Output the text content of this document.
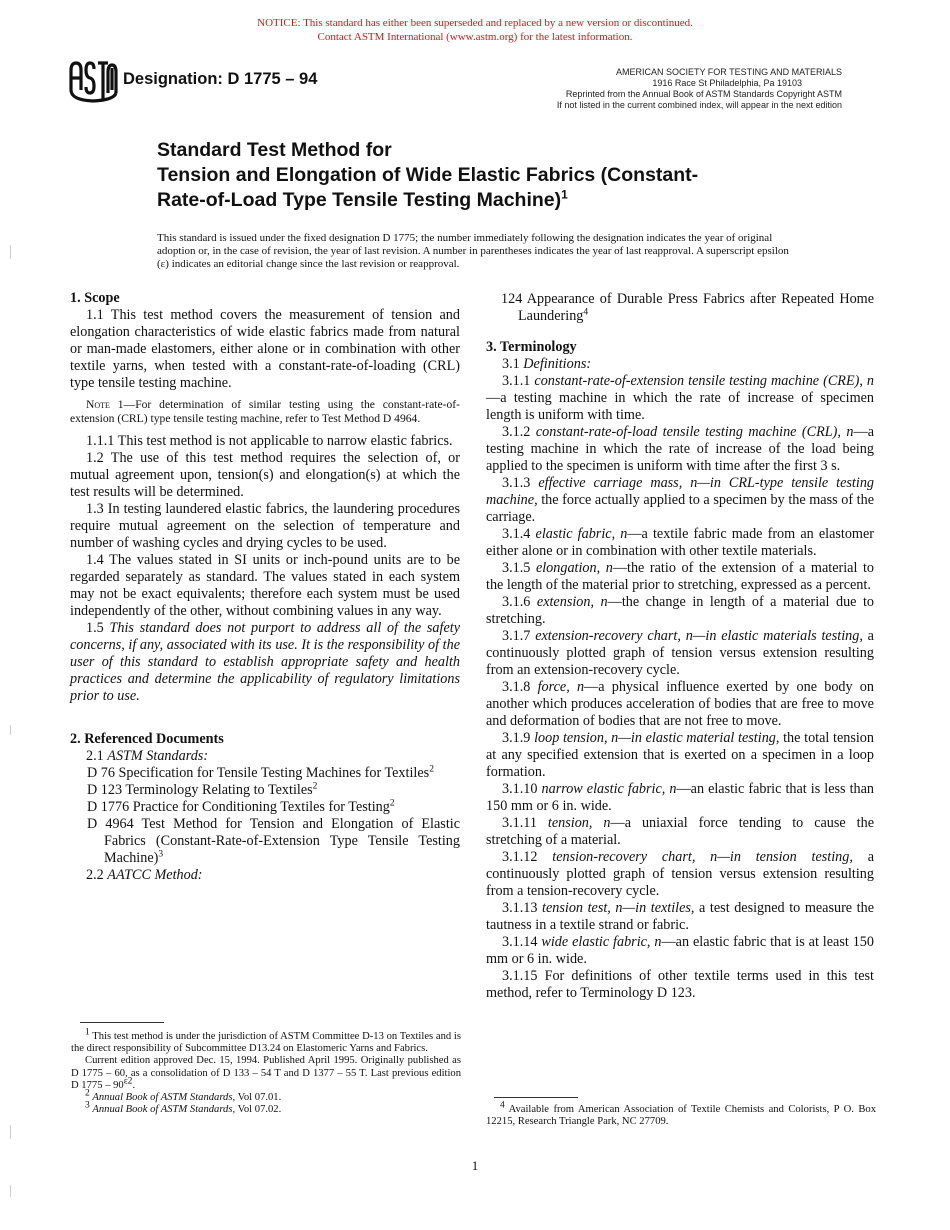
NOTICE: This standard has either been superseded and replaced by a new version or discontinued.
Contact ASTM International (www.astm.org) for the latest information.
Designation: D 1775 – 94	AMERICAN SOCIETY FOR TESTING AND MATERIALS
1916 Race St Philadelphia, Pa 19103
Reprinted from the Annual Book of ASTM Standards Copyright ASTM
If not listed in the current combined index, will appear in the next edition
Standard Test Method for
Tension and Elongation of Wide Elastic Fabrics (Constant-
Rate-of-Load Type Tensile Testing Machine)$^1$
This standard is issued under the fixed designation D 1775; the number immediately following the designation indicates the year of original adoption or, in the case of revision, the year of last revision. A number in parentheses indicates the year of last reapproval. A superscript epsilon (ε) indicates an editorial change since the last revision or reapproval.

1. Scope

1.1 This test method covers the measurement of tension and elongation characteristics of wide elastic fabrics made from natural or man-made elastomers, either alone or in combination with other textile yarns, when tested with a constant-rate-of-loading (CRL) type tensile testing machine.

Note 1—For determination of similar testing using the constant-rate-of-extension (CRL) type tensile testing machine, refer to Test Method D 4964.

1.1.1 This test method is not applicable to narrow elastic fabrics.

1.2 The use of this test method requires the selection of, or mutual agreement upon, tension(s) and elongation(s) at which the test results will be determined.

1.3 In testing laundered elastic fabrics, the laundering procedures require mutual agreement on the selection of temperature and number of washing cycles and drying cycles to be used.

1.4 The values stated in SI units or inch-pound units are to be regarded separately as standard. The values stated in each system may not be exact equivalents; therefore each system must be used independently of the other, without combining values in any way.

1.5 This standard does not purport to address all of the safety concerns, if any, associated with its use. It is the responsibility of the user of this standard to establish appropriate safety and health practices and determine the applicability of regulatory limitations prior to use.

2. Referenced Documents

2.1 ASTM Standards:

D 76 Specification for Tensile Testing Machines for Textiles$^2$

D 123 Terminology Relating to Textiles$^2$

D 1776 Practice for Conditioning Textiles for Testing$^2$

D 4964 Test Method for Tension and Elongation of Elastic Fabrics (Constant-Rate-of-Extension Type Tensile Testing Machine)$^3$

2.2 AATCC Method:

124 Appearance of Durable Press Fabrics after Repeated Home Laundering$^4$

3. Terminology

3.1 Definitions:

3.1.1 constant-rate-of-extension tensile testing machine (CRE), n—a testing machine in which the rate of increase of specimen length is uniform with time.

3.1.2 constant-rate-of-load tensile testing machine (CRL), n—a testing machine in which the rate of increase of the load being applied to the specimen is uniform with time after the first 3 s.

3.1.3 effective carriage mass, n—in CRL-type tensile testing machine, the force actually applied to a specimen by the mass of the carriage.

3.1.4 elastic fabric, n—a textile fabric made from an elastomer either alone or in combination with other textile materials.

3.1.5 elongation, n—the ratio of the extension of a material to the length of the material prior to stretching, expressed as a percent.

3.1.6 extension, n—the change in length of a material due to stretching.

3.1.7 extension-recovery chart, n—in elastic materials testing, a continuously plotted graph of tension versus extension resulting from an extension-recovery cycle.

3.1.8 force, n—a physical influence exerted by one body on another which produces acceleration of bodies that are free to move and deformation of bodies that are not free to move.

3.1.9 loop tension, n—in elastic material testing, the total tension at any specified extension that is exerted on a specimen in a loop formation.

3.1.10 narrow elastic fabric, n—an elastic fabric that is less than 150 mm or 6 in. wide.

3.1.11 tension, n—a uniaxial force tending to cause the stretching of a material.

3.1.12 tension-recovery chart, n—in tension testing, a continuously plotted graph of tension versus extension resulting from a tension-recovery cycle.

3.1.13 tension test, n—in textiles, a test designed to measure the tautness in a textile strand or fabric.

3.1.14 wide elastic fabric, n—an elastic fabric that is at least 150 mm or 6 in. wide.

3.1.15 For definitions of other textile terms used in this test method, refer to Terminology D 123.

$^1$ This test method is under the jurisdiction of ASTM Committee D-13 on Textiles and is the direct responsibility of Subcommittee D13.24 on Elastomeric Yarns and Fabrics.

Current edition approved Dec. 15, 1994. Published April 1995. Originally published as D 1775 – 60, as a consolidation of D 133 – 54 T and D 1377 – 55 T. Last previous edition D $1775 - 90^{\varepsilon 2}$.

$^2$ Annual Book of ASTM Standards, Vol 07.01.

$^3$ Annual Book of ASTM Standards, Vol 07.02.	$^4$ Available from American Association of Textile Chemists and Colorists, P O. Box 12215, Research Triangle Park, NC 27709.

1
